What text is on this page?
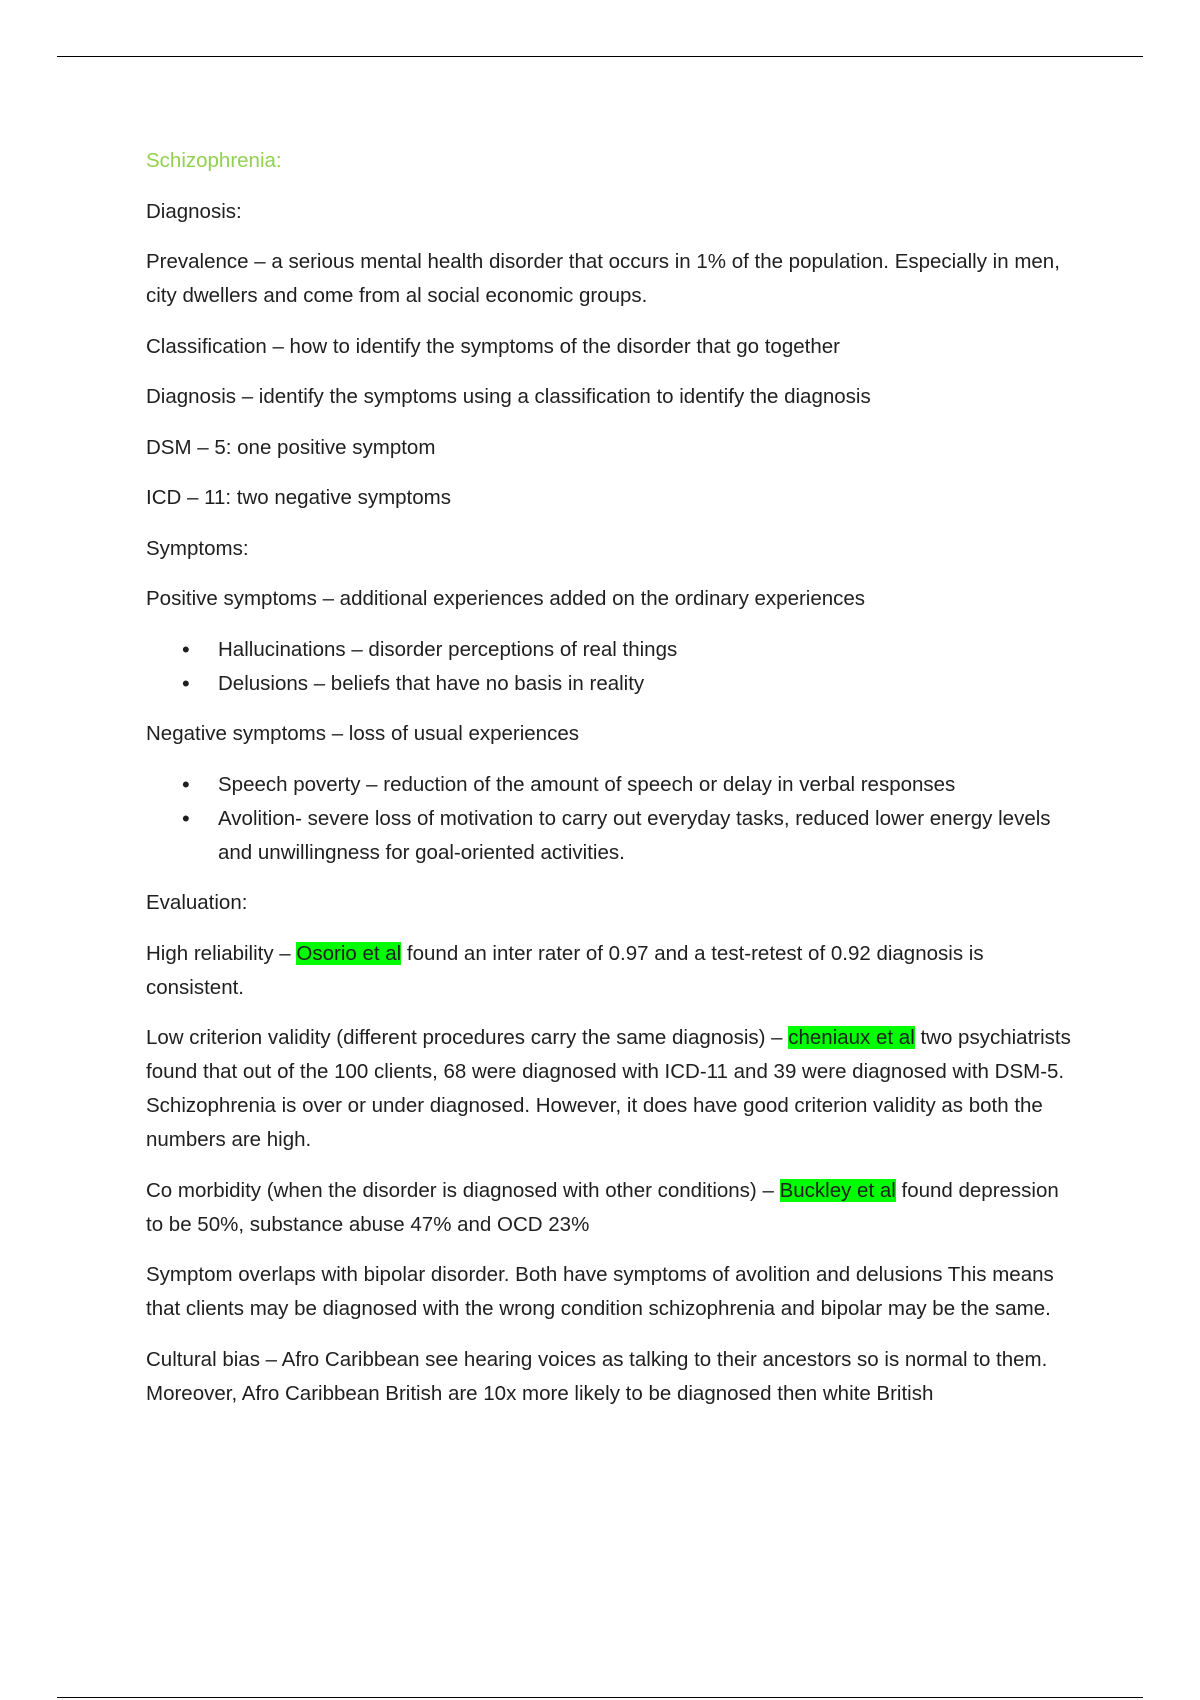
Schizophrenia:

Diagnosis:

Prevalence – a serious mental health disorder that occurs in 1% of the population. Especially in men, city dwellers and come from al social economic groups.

Classification – how to identify the symptoms of the disorder that go together

Diagnosis – identify the symptoms using a classification to identify the diagnosis

DSM – 5: one positive symptom

ICD – 11: two negative symptoms

Symptoms:

Positive symptoms – additional experiences added on the ordinary experiences

• Hallucinations – disorder perceptions of real things
• Delusions – beliefs that have no basis in reality

Negative symptoms – loss of usual experiences

• Speech poverty – reduction of the amount of speech or delay in verbal responses
• Avolition- severe loss of motivation to carry out everyday tasks, reduced lower energy levels and unwillingness for goal-oriented activities.

Evaluation:

High reliability – Osorio et al found an inter rater of 0.97 and a test-retest of 0.92 diagnosis is consistent.

Low criterion validity (different procedures carry the same diagnosis) – cheniaux et al two psychiatrists found that out of the 100 clients, 68 were diagnosed with ICD-11 and 39 were diagnosed with DSM-5. Schizophrenia is over or under diagnosed. However, it does have good criterion validity as both the numbers are high.

Co morbidity (when the disorder is diagnosed with other conditions) – Buckley et al found depression to be 50%, substance abuse 47% and OCD 23%

Symptom overlaps with bipolar disorder. Both have symptoms of avolition and delusions This means that clients may be diagnosed with the wrong condition schizophrenia and bipolar may be the same.

Cultural bias – Afro Caribbean see hearing voices as talking to their ancestors so is normal to them. Moreover, Afro Caribbean British are 10x more likely to be diagnosed then white British
